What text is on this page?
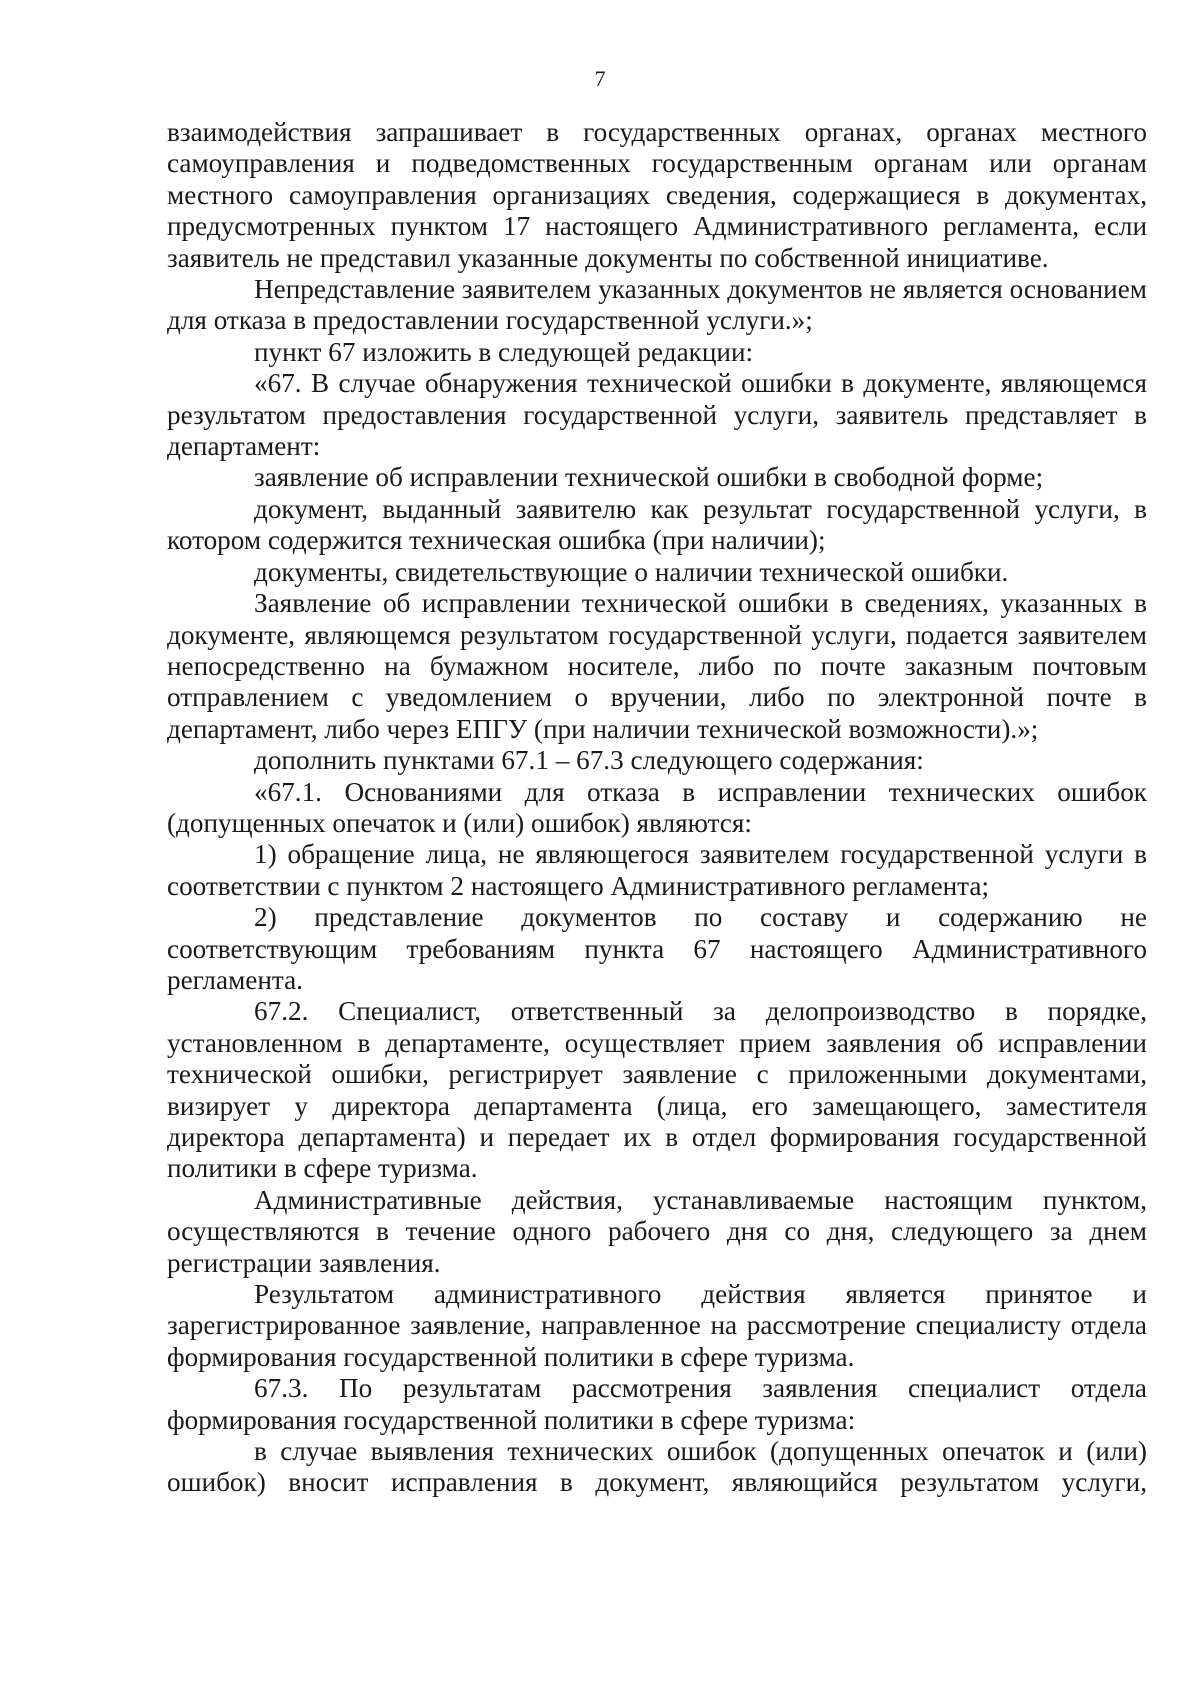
7

взаимодействия запрашивает в государственных органах, органах местного самоуправления и подведомственных государственным органам или органам местного самоуправления организациях сведения, содержащиеся в документах, предусмотренных пунктом 17 настоящего Административного регламента, если заявитель не представил указанные документы по собственной инициативе.

Непредставление заявителем указанных документов не является основанием для отказа в предоставлении государственной услуги.»;

пункт 67 изложить в следующей редакции:

«67. В случае обнаружения технической ошибки в документе, являющемся результатом предоставления государственной услуги, заявитель представляет в департамент:

заявление об исправлении технической ошибки в свободной форме;

документ, выданный заявителю как результат государственной услуги, в котором содержится техническая ошибка (при наличии);

документы, свидетельствующие о наличии технической ошибки.

Заявление об исправлении технической ошибки в сведениях, указанных в документе, являющемся результатом государственной услуги, подается заявителем непосредственно на бумажном носителе, либо по почте заказным почтовым отправлением с уведомлением о вручении, либо по электронной почте в департамент, либо через ЕПГУ (при наличии технической возможности).»;

дополнить пунктами 67.1 – 67.3 следующего содержания:

«67.1. Основаниями для отказа в исправлении технических ошибок (допущенных опечаток и (или) ошибок) являются:

1) обращение лица, не являющегося заявителем государственной услуги в соответствии с пунктом 2 настоящего Административного регламента;

2) представление документов по составу и содержанию не соответствующим требованиям пункта 67 настоящего Административного регламента.

67.2. Специалист, ответственный за делопроизводство в порядке, установленном в департаменте, осуществляет прием заявления об исправлении технической ошибки, регистрирует заявление с приложенными документами, визирует у директора департамента (лица, его замещающего, заместителя директора департамента) и передает их в отдел формирования государственной политики в сфере туризма.

Административные действия, устанавливаемые настоящим пунктом, осуществляются в течение одного рабочего дня со дня, следующего за днем регистрации заявления.

Результатом административного действия является принятое и зарегистрированное заявление, направленное на рассмотрение специалисту отдела формирования государственной политики в сфере туризма.

67.3. По результатам рассмотрения заявления специалист отдела формирования государственной политики в сфере туризма:

в случае выявления технических ошибок (допущенных опечаток и (или) ошибок) вносит исправления в документ, являющийся результатом услуги,
